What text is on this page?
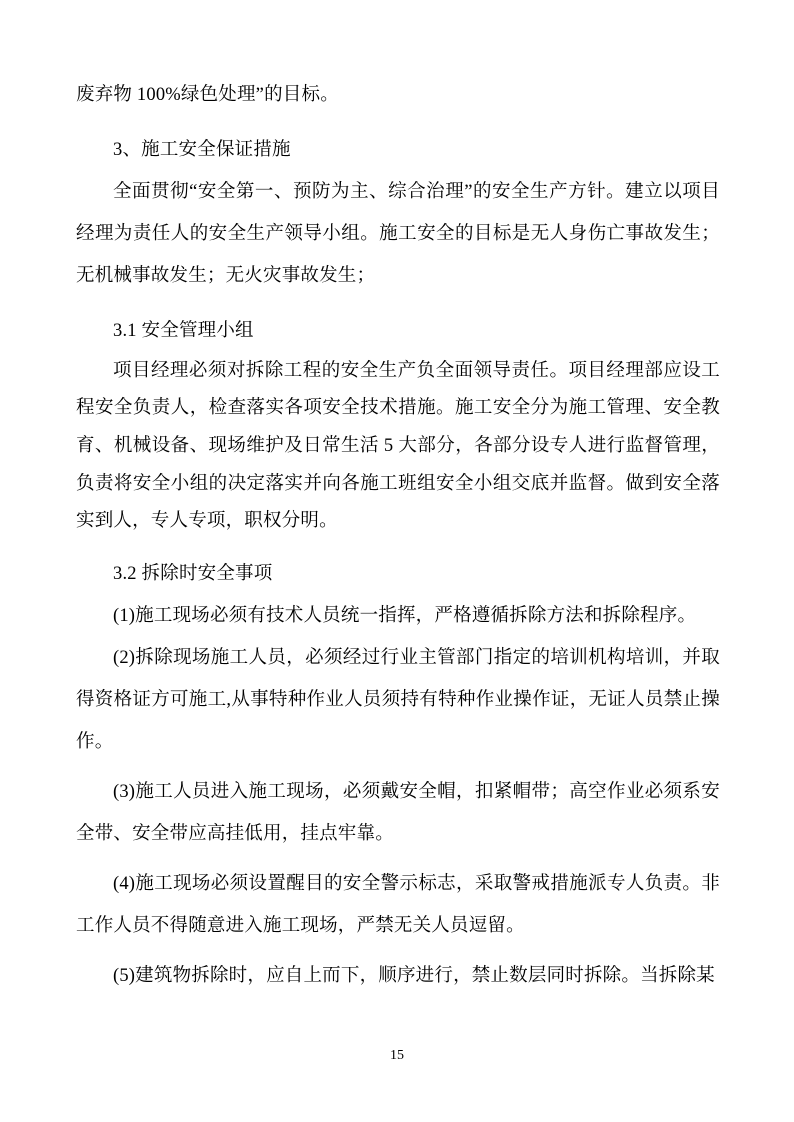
废弃物 100%绿色处理”的目标。

3、施工安全保证措施

全面贯彻“安全第一、预防为主、综合治理”的安全生产方针。建立以项目经理为责任人的安全生产领导小组。施工安全的目标是无人身伤亡事故发生；无机械事故发生；无火灾事故发生；

3.1 安全管理小组

项目经理必须对拆除工程的安全生产负全面领导责任。项目经理部应设工程安全负责人，检查落实各项安全技术措施。施工安全分为施工管理、安全教育、机械设备、现场维护及日常生活 5 大部分，各部分设专人进行监督管理，负责将安全小组的决定落实并向各施工班组安全小组交底并监督。做到安全落实到人，专人专项，职权分明。

3.2 拆除时安全事项

(1)施工现场必须有技术人员统一指挥，严格遵循拆除方法和拆除程序。

(2)拆除现场施工人员，必须经过行业主管部门指定的培训机构培训，并取得资格证方可施工,从事特种作业人员须持有特种作业操作证，无证人员禁止操作。

(3)施工人员进入施工现场，必须戴安全帽，扣紧帽带；高空作业必须系安全带、安全带应高挂低用，挂点牢靠。

(4)施工现场必须设置醒目的安全警示标志，采取警戒措施派专人负责。非工作人员不得随意进入施工现场，严禁无关人员逗留。

(5)建筑物拆除时，应自上而下，顺序进行，禁止数层同时拆除。当拆除某

15
